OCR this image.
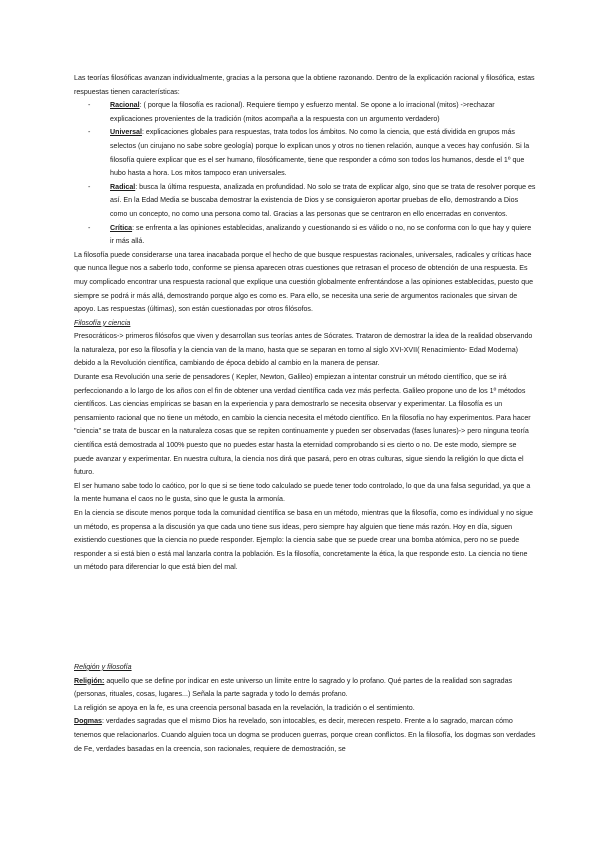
Las teorías filosóficas avanzan individualmente, gracias a la persona que la obtiene razonando. Dentro de la explicación racional y filosófica, estas respuestas tienen características:

-	Racional: ( porque la filosofía es racional). Requiere tiempo y esfuerzo mental. Se opone a lo irracional (mitos) ->rechazar explicaciones provenientes de la tradición (mitos acompaña a la respuesta con un argumento verdadero)
-	Universal: explicaciones globales para respuestas, trata todos los ámbitos. No como la ciencia, que está dividida en grupos más selectos (un cirujano no sabe sobre geología) porque lo explican unos y otros no tienen relación, aunque a veces hay confusión. Si la filosofía quiere explicar que es el ser humano, filosóficamente, tiene que responder a cómo son todos los humanos, desde el 1º que hubo hasta a hora. Los mitos tampoco eran universales.
-	Radical: busca la última respuesta, analizada en profundidad. No solo se trata de explicar algo, sino que se trata de resolver porque es así. En la Edad Media se buscaba demostrar la existencia de Dios y se consiguieron aportar pruebas de ello, demostrando a Dios como un concepto, no como una persona como tal. Gracias a las personas que se centraron en ello encerradas en conventos.
-	Crítica: se enfrenta a las opiniones establecidas, analizando y cuestionando si es válido o no, no se conforma con lo que hay y quiere ir más allá.

La filosofía puede considerarse una tarea inacabada porque el hecho de que busque respuestas racionales, universales, radicales y críticas hace que nunca llegue nos a saberlo todo, conforme se piensa aparecen otras cuestiones que retrasan el proceso de obtención de una respuesta. Es muy complicado encontrar una respuesta racional que explique una cuestión globalmente enfrentándose a las opiniones establecidas, puesto que siempre se podrá ir más allá, demostrando porque algo es como es. Para ello, se necesita una serie de argumentos racionales que sirvan de apoyo. Las respuestas (últimas), son están cuestionadas por otros filósofos.

Filosofía y ciencia

Presocráticos-> primeros filósofos que viven y desarrollan sus teorías antes de Sócrates. Trataron de demostrar la idea de la realidad observando la naturaleza, por eso la filosofía y la ciencia van de la mano, hasta que se separan en torno al siglo XVI-XVII( Renacimiento- Edad Moderna) debido a la Revolución científica, cambiando de época debido al cambio en la manera de pensar.

Durante esa Revolución una serie de pensadores ( Kepler, Newton, Galileo) empiezan a intentar construir un método científico, que se irá perfeccionando a lo largo de los años con el fin de obtener una verdad científica cada vez más perfecta. Galileo propone uno de los 1º métodos científicos. Las ciencias empíricas se basan en la experiencia y para demostrarlo se necesita observar y experimentar. La filosofía es un pensamiento racional que no tiene un método, en cambio la ciencia necesita el método científico. En la filosofía no hay experimentos. Para hacer "ciencia" se trata de buscar en la naturaleza cosas que se repiten continuamente y pueden ser observadas (fases lunares)-> pero ninguna teoría científica está demostrada al 100% puesto que no puedes estar hasta la eternidad comprobando si es cierto o no. De este modo, siempre se puede avanzar y experimentar. En nuestra cultura, la ciencia nos dirá que pasará, pero en otras culturas, sigue siendo la religión lo que dicta el futuro.

El ser humano sabe todo lo caótico, por lo que si se tiene todo calculado se puede tener todo controlado, lo que da una falsa seguridad, ya que a la mente humana el caos no le gusta, sino que le gusta la armonía.

En la ciencia se discute menos porque toda la comunidad científica se basa en un método, mientras que la filosofía, como es individual y no sigue un método, es propensa a la discusión ya que cada uno tiene sus ideas, pero siempre hay alguien que tiene más razón. Hoy en día, siguen existiendo cuestiones que la ciencia no puede responder. Ejemplo: la ciencia sabe que se puede crear una bomba atómica, pero no se puede responder a si está bien o está mal lanzarla contra la población. Es la filosofía, concretamente la ética, la que responde esto. La ciencia no tiene un método para diferenciar lo que está bien del mal.

Religión y filosofía

Religión: aquello que se define por indicar en este universo un límite entre lo sagrado y lo profano. Qué partes de la realidad son sagradas (personas, rituales, cosas, lugares...) Señala la parte sagrada y todo lo demás profano.

La religión se apoya en la fe, es una creencia personal basada en la revelación, la tradición o el sentimiento.

Dogmas: verdades sagradas que el mismo Dios ha revelado, son intocables, es decir, merecen respeto. Frente a lo sagrado, marcan cómo tenemos que relacionarlos. Cuando alguien toca un dogma se producen guerras, porque crean conflictos. En la filosofía, los dogmas son verdades de Fe, verdades basadas en la creencia, son racionales, requiere de demostración, se
